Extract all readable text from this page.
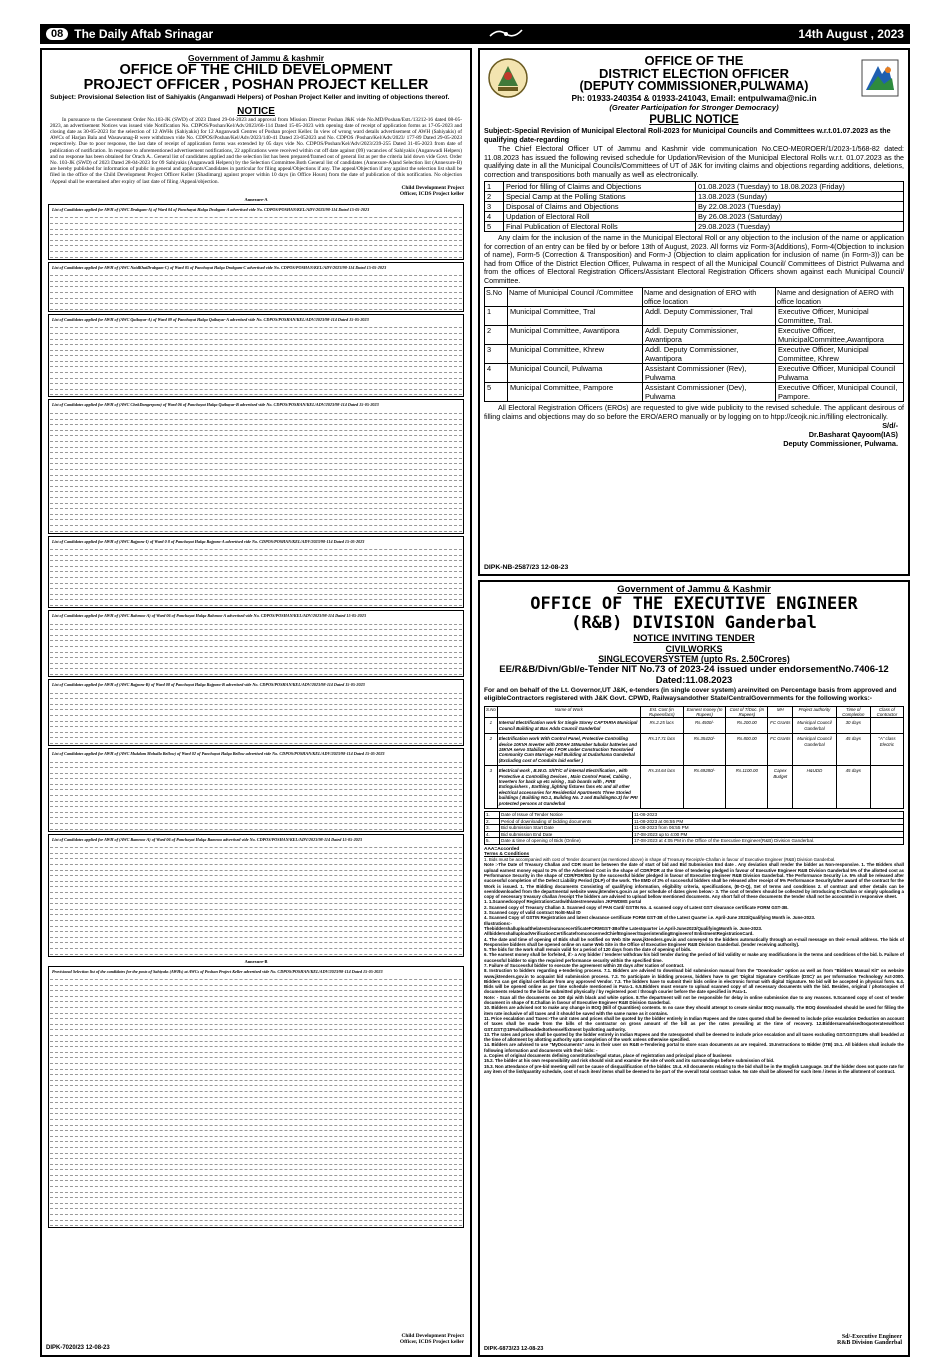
08 The Daily Aftab Srinagar	14th August , 2023
Government of Jammu & kashmir
OFFICE OF THE CHILD DEVELOPMENT
PROJECT OFFICER , POSHAN PROJECT KELLER
Subject: Provisional Selection list of Sahiyakis (Anganwadi Helpers) of Poshan Project Keller and inviting of objections thereof.
NOTICE
In pursuance to the Government Order No.103-JK (SWD) of 2023 Dated 29-04-2023 and approval from Mission Director Poshan J&K vide No.MD/Poshan/Estt./13212-16 dated 08-05-2023, an advertisement Notices was issued vide Notification No. CDPOS/Poshan/Kel/Adv/2023/66-114 Dated 15-05-2023 with opening date of receipt of application forms as 17-05-2023 and closing date as 30-05-2023 for the selection of 12 AWHs (Sahiyakis) for 12 Anganwadi Centres of Poshan project Keller. In view of wrong ward details advertisement of AWH (Sahiyakis) of AWCs of Harjan Bala and Wasawanag-B were withdrawn vide No. CDPOS/Poshan/Kel/Adv/2023/140-41 Dated 23-052023 and No. CDPOS /Poshan/Kel/Adv/2023/ 177-89 Dated 29-05-2023 respectively. Due to poor response, the last date of receipt of application forms was extended by 05 days vide No. CDPOS/Poshan/Kel/Adv/2023/239-255 Dated 31-05-2023 from date of publication of notification. In response to aforementioned advertisement notifications, 22 applications were received within cut off date against (09) vacancies of Sahiyakis (Anganwadi Helpers) and no response has been obtained for Orach A.. General list of candidates applied and the selection list has been prepared/framed out of general list as per the criteria laid down vide Govt. Order No. 103-JK (SWD) of 2023 Dated 28-04-2023 for 09 Sahiyakis (Anganwadi Helpers) by the Selection Committee.Both General list of candidates (Annexure-A)and Selection list (Annexure-B) are hereby published for information of public in general and applicants/Candidates in particular for filing appeal/Objections if any. The appeal/Objection if any against the selection list shall be filed in the office of the Child Development Project Officer Keller (Shadimarg) against proper within 10 days (in Office Hours) from the date of publication of this notification. No objection /Appeal shall be entertained after expiry of last date of filing /Appeal/objection.
Child Development Project
Officer, ICDS Project keller
Annexure-A
List of Candidates applied for AWH of (AWC Drabgam-A) of Ward 04 of Panchayat Halqa Drabgam-A advertised vide No. CDPOS/POSHAN/KEL/ADV/2023/98-114 Dated 15-05-2023
List of Candidates applied for AWH of (AWC NaidKhaiDrabgam-C) of Ward 05 of Panchayat Halqa Drabgam-C advertised vide No. CDPOS/POSHAN/KEL/ADV/2023/98-114 Dated 15-05-2023
List of Candidates applied for AWH of (AWC Qaibayar-A) of Ward 09 of Panchayat Halqa Qaibayar-A advertised vide No. CDPOS/POSHAN/KEL/ADV/2023/98-114 Dated 15-05-2023
List of Candidates applied for AWH of (AWC ChekDangerpora) of Ward 06 of Panchayat Halqa Qaibayar-B advertised vide No. CDPOS/POSHAN/KEL/ADV/2023/98-114 Dated 15-05-2023
List of Candidates applied for AWH of (AWC Rajpora-I) of Ward 0 8 of Panchayat Halqa Rajpora-A advertised vide No. CDPOS/POSHAN/KEL/ADV/2023/98-114 Dated 15-05-2023
List of Candidates applied for AWH of (AWC Rahmoo-A) of Ward 06 of Panchayat Halqa Rahmoo-A advertised vide No. CDPOS/POSHAN/KEL/ADV/2023/98-114 Dated 15-05-2023
List of Candidates applied for AWH of (AWC Rajpora-B) of Ward 08 of Panchayat Halqa Rajpora-B advertised vide No. CDPOS/POSHAN/KEL/ADV/2023/98-114 Dated 15-05-2023
List of Candidates applied for AWH of (AWC Mukdam Mohalla Bellow) of Ward 02 of Panchayat Halqa Bellow advertised vide No. CDPOS/POSHAN/KEL/ADV/2023/98-114 Dated 15-05-2023
List of Candidates applied for AWH of (AWC Bamnoo-A) of Ward 06 of Panchayat Halqa Bamnoo advertised vide No. CDPOS/POSHAN/KEL/ADV/2023/98-114 Dated 15-05-2023
Annexure-B
Provisional Selection list of the candidates for the posts of Sahiyaks (AWHs) at AWCs of Poshan Project Keller advertised vide No. CDPOS/POSHAN/KEL/ADV/2023/98-114 Dated 15-05-2023
Child Development Project
Officer, ICDS Project keller
DIPK-7020/23 12-08-23
OFFICE OF THE
DISTRICT ELECTION OFFICER
(DEPUTY COMMISSIONER,PULWAMA)
Ph: 01933-240354 & 01933-241043, Email: entpulwama@nic.in
(Greater Participation for Stronger Democracy)
PUBLIC NOTICE
Subject:-Special Revision of Municipal Electoral Roll-2023 for Municipal Councils and Committees w.r.t.01.07.2023 as the qualifying date-regarding
The Chief Electoral Officer UT of Jammu and Kashmir vide communication No.CEO-ME0ROER/1/2023-1/568-82 dated: 11.08.2023 has issued the following revised schedule for Updation/Revision of the Municipal Electoral Rolls w.r.t. 01.07.2023 as the qualifying date in all the Municipal Councils/Committees of UT of J&K for inviting claims and objections regarding additions, deletions, correction and transpositions both manually as well as electronically.
1	Period for filling of Claims and Objections	01.08.2023 (Tuesday) to 18.08.2023 (Friday)
2	Special Camp at the Polling Stations	13.08.2023 (Sunday)
3	Disposal of Claims and Objections	By 22.08.2023 (Tuesday)
4	Updation of Electoral Roll	By 26.08.2023 (Saturday)
5	Final Publication of Electoral Rolls	29.08.2023 (Tuesday)
Any claim for the inclusion of the name in the Municipal Electoral Roll or any objection to the inclusion of the name or application for correction of an entry can be filed by or before 13th of August, 2023. All forms viz Form-3(Additions), Form-4(Objection to inclusion of name), Form-5 (Correction & Transposition) and Form-J (Objection to claim application for inclusion of name (in Form-3)) can be had from Office of the District Election Officer, Pulwama in respect of all the Municipal Council/ Committees of District Pulwama and from the offices of Electoral Registration Officers/Assistant Electoral Registration Officers shown against each Municipal Council/ Committee.
S.No	Name of Municipal Council /Committee	Name and designation of ERO with office location	Name and designation of AERO with office location
1	Municipal Committee, Tral	Addl. Deputy Commissioner, Tral	Executive Officer, Municipal Committee, Tral.
2	Municipal Committee, Awantipora	Addl. Deputy Commissioner, Awantipora	Executive Officer, MunicipalCommittee,Awantipora
3	Municipal Committee, Khrew	Addl. Deputy Commissioner, Awantipora	Executive Officer, Municipal Committee, Khrew
4	Municipal Council, Pulwama	Assistant Commissioner (Rev), Pulwama	Executive Officer, Municipal Council Pulwama
5	Municipal Committee, Pampore	Assistant Commissioner (Dev), Pulwama	Executive Officer, Municipal Council, Pampore.
All Electoral Registration Officers (EROs) are requested to give wide publicity to the revised schedule. The applicant desirous of filling claims and objections may do so before the ERO/AERO manually or by logging on to htpp://ceojk.nic.in/filling electronically.
S/d/-
Dr.Basharat Qayoom(IAS)
Deputy Commissioner, Pulwama.
DIPK-NB-2587/23 12-08-23
Government of Jammu & Kashmir
OFFICE OF THE EXECUTIVE ENGINEER
(R&B) DIVISION Ganderbal
NOTICE INVITING TENDER
CIVILWORKS
SINGLECOVERSYSTEM (upto Rs. 2.50Crores)
EE/R&B/Divn/Gbl/e-Tender NIT No.73 of 2023-24 issued under endorsementNo.7406-12 Dated:11.08.2023
For and on behalf of the Lt. Governor,UT J&K, e-tenders (in single cover system) areinvited on Percentage basis from approved and eligibleContractors registered with J&K Govt. CPWD, Railwaysandother State/CentralGovernments for the following works:-
S.No	Name of Work	Est. Cost (In Rupees/lacs)	Earnest money (In Rupees)	Cost of T/Doc. (In Rupees)	MH	Project authority	Time of Completion	Class of Contractor
1	Internal Electrification work for Single Storey CAFTARIA Municipal Council Building at Bas Adda Council Ganderbal	Rs.2.25 lacs	Rs.4500/-	Rs.200.00	FC Grants	Municipal Council Ganderbal	30 days	
2	Electrification work With Control Panel, Protective Controlling device 10KVA Inverter with 200AH 15Number tubular batteries and 15KVA servo Stabilizer etc f FOR under Construction Twostoried Community Cum Marriage Hall Building at Dudarhama Ganderbal (Excluding cost of Conduits laid earlier )	Rs.17.71 lacs	Rs.35420/-	Rs.800.00	FC Grants	Municipal Council Ganderbal	45 days	"A" class Electric
3	Electrical work , B.W.O. S/I/T/C of internal Electrification , with Protective & Controlling Devices , Main Control Panel, Cabling , Inverters for back up etc wiring , Sub boards with , FIRE Extinguishers , Earthing ,lighting fixtures fans etc and all other electrical accessories for Residential Apartments Three Storied buildings ( Building NO.1, Building No. 2 and BuildingNo.3) for PRI protected persons at Ganderbal	Rs.34.64 lacs	Rs.69280/-	Rs.1100.00	Capex Budget	H&UDD	45 days	
1.	Date of Issue of Tender Notice	11-08-2023
2.	Period of downloading of bidding documents	11-08-2023 at 06:55 PM
3.	Bid submission Start Date	11-08-2023 from 06:55 PM
4.	Bid submission End Date	17-08-2023 up to 4:00 PM
5.	Date & time of opening of Bids (Online)	17-08-2023 at 4:05 PM in the Office of the Executive Engineer(R&B) Division Ganderbal.
AAA=Accorded
Terms & Conditions
1. Bids must be accompanied with cost of Tender document (as mentioned above) in shape of Treasury Receipt/e-Challan in favour of Executive Engineer (R&B) Division Ganderbal.
Note :-The Date of Treasury Challan and CDR must be between the date of start of bid and Bid Submission End date . Any deviation shall render the bidder as Non-responsive. 1. The Bidders shall upload earnest money equal to 2% of the Advertised Cost in the shape of CDR/FDR at the time of tendering pledged in favour of Executive Engineer R&B Division Ganderbal 5% of the allotted cost as Performance Security in the shape of CDR/FDR/BG by the successful bidder pledged in favour of Executive Engineer R&B Division Ganderbal. The Performance Security i.e. 5% shall be released after successful completion of the Defect Liability Period (DLP) of the work. The EMD of 2% of successful bidders shall be released after receipt of 5% Performance Security/after award of the contract for the Work is issued. 1. The Bidding documents Consisting of qualifying information, eligibility criteria, specifications, (B-O-Q), Set of terms and conditions 2. of contract and other details can be seen/downloaded from the departmental website www.jktenders.gov.in as per schedule of dates given below:- 3. The cost of tenders should be collected by introducing E-Challan or simply uploading a copy of necessary treasury challan /receipt The bidders are advised to upload bellow mentioned documents. Any short fall of these documents the tender shall not be accounted in responsive sheet.
1. 1.Scannedcopyof RegistrationCardwithlatestrenewalon JKPWDMS portal
2. Scanned copy of Treasury Challan 3. Scanned copy of PAN Card/ GSTIN No. 4. scanned copy of Latest GST clearance certificate FORM GST-3B.
3. Scanned copy of valid contract No/E-Mail ID
4. Scanned Copy of GSTIN Registration and latest clearance certificate FORM GST-3B of the Latest Quarter i.e. April-June 2023/Qualifying Month ie. June-2023.
Illustrations:-
ThebiddershalluploadthelatestclearancecertificateFORMGST-3Bofthe Latestquarter i.e.April-June2023/QualifyingMonth ie. June-2023.
AllbiddersshalluploadVerificationCertificatefromconcernedChiefEngineer/SuperintendingEngineerof EnlistmentRegistrationCard.
4. The date and time of opening of Bids shall be notified on Web Site www.jktenders.gov.in and conveyed to the bidders automatically through an e-mail message on their e-mail address. The bids of Responsive bidders shall be opened online on same Web Site in the Office of Executive Engineer R&B Division Ganderbal. (tender receiving authority).
5. The bids for the work shall remain valid for a period of 120 days from the date of opening of bids.
6. The earnest money shall be forfeited, if:- a Any bidder / tenderer withdraw his bid/ tender during the period of bid validity or make any modifications in the terms and conditions of the bid. b. Failure of successful bidder to sign the required performance security within the specified time.
7. Failure of Successful bidder to execute the agreement within 28 days after Ication of contract.
8. Instruction to bidders regarding e-tendering process. 7.1. Bidders are advised to download bid submission manual from the "Downloads" option as well as from "Bidders Manual Kit" on website www.jktenders.gov.in to acquaint bid submission process. 7.2. To participate in bidding process, bidders have to get 'Digital Signature Certificate (DSC)' as per Information Technology Act-2000. Bidders can get digital certificate from any approved Vendor. 7.3. The bidders have to submit their bids online in electronic format with digital Signature. No bid will be accepted in physical form. 6.4. Bids will be opened online as per time schedule mentioned in Para-1. 6.5.Bidders must ensure to upload scanned copy of all necessary documents with the bid. Besides, original / photocopies of documents related to the bid be submitted physically / by registered post / through courier before the date specified in Para-1.
Note: - Scan all the documents on 100 dpi with black and white option. 8.The department will not be responsible for delay in online submission due to any reasons. 9.Scanned copy of cost of tender document in shape of E.Challan in favour of Executive Engineer R&B Division Ganderbal.
10. Bidders are advised not to make any change in BOQ (Bill of Quantities) contents. In no case they should attempt to create similar BOQ manually. The BOQ downloaded should be used for filling the item rate inclusive of all taxes and it should be saved with the same name as it contains.
11. Price escalation and Taxes:-The unit rates and prices shall be quoted by the bidder entirely in Indian Rupees and the rates quoted shall be deemed to include price escalation Deduction on account of taxes shall be made from the bills of the contractor on gross amount of the bill as per the rates prevailing at the time of recovery. 12.Biddersareadvisedtoquoterateswithout GST.GST@18%shallbeaddedtothemselfixtment byallotting authority.
13. The rates and prices shall be quoted by the bidder entirely in Indian Rupees and the ratesquoted shall be deemed to include price escalation and all taxes excluding GST.GST@18% shall beadded at the time of allotment by allotting authority upto completion of the work unless otherwise specified.
14. Bidders are advised to use "MyDocuments" area in their user on R&B e-Tendering portal to store scan documents as are required. 15.Instructions to Bidder (ITB) 15.1. All bidders shall include the following information and documents with their bids: -
a. Copies of original documents defining constitution/legal status, place of registration and principal place of business
15.2. The bidder at his own responsibility and risk should visit and examine the site of work and its surroundings before submission of bid.
15.3. Non attendance of pre-bid meeting will not be cause of disqualification of the bidder. 15.4. All documents relating to the bid shall be in the English Language. 16.If the bidder does not quote rate for any item of the list/quantity schedule, cost of such item/ items shall be deemed to be part of the overall total contract value. No rate shall be allowed for such item / items in the allotment of contract.
Sd/-Executive Engineer
R&B Division Ganderbal
DIPK-6873/23 12-08-23
